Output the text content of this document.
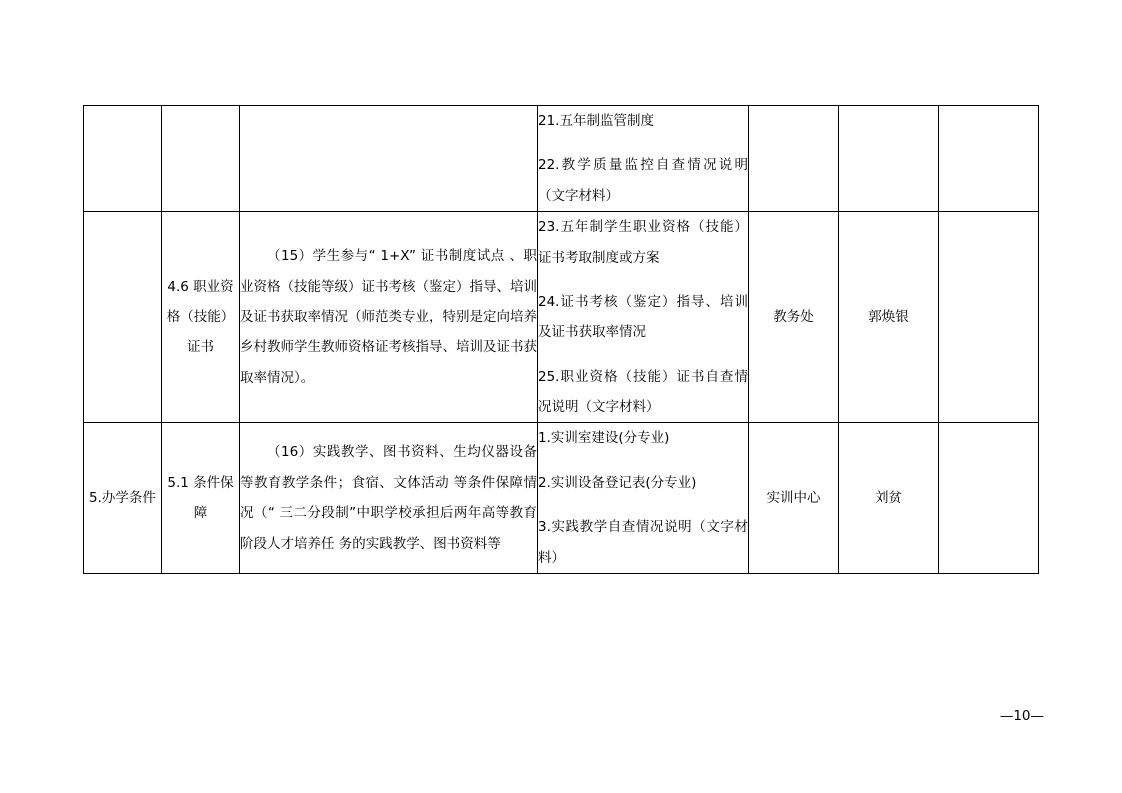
			21.五年制监管制度
22.教学质量监控自查情况说明（文字材料）			

	4.6 职业资格（技能）证书	（15）学生参与“ 1+X” 证书制度试点 、职业资格（技能等级）证书考核（鉴定）指导、培训及证书获取率情况（师范类专业，特别是定向培养乡村教师学生教师资格证考核指导、培训及证书获取率情况）。	23.五年制学生职业资格（技能）证书考取制度或方案
24.证书考核（鉴定）指导、培训及证书获取率情况
25.职业资格（技能）证书自查情况说明（文字材料）	教务处	郭焕银	
5.办学条件	5.1 条件保障	（16）实践教学、图书资料、生均仪器设备等教育教学条件；食宿、文体活动 等条件保障情况（“ 三二分段制”中职学校承担后两年高等教育阶段人才培养任 务的实践教学、图书资料等	1.实训室建设(分专业)
2.实训设备登记表(分专业)
3.实践教学自查情况说明（文字材料）	实训中心	刘贫	
—10—
